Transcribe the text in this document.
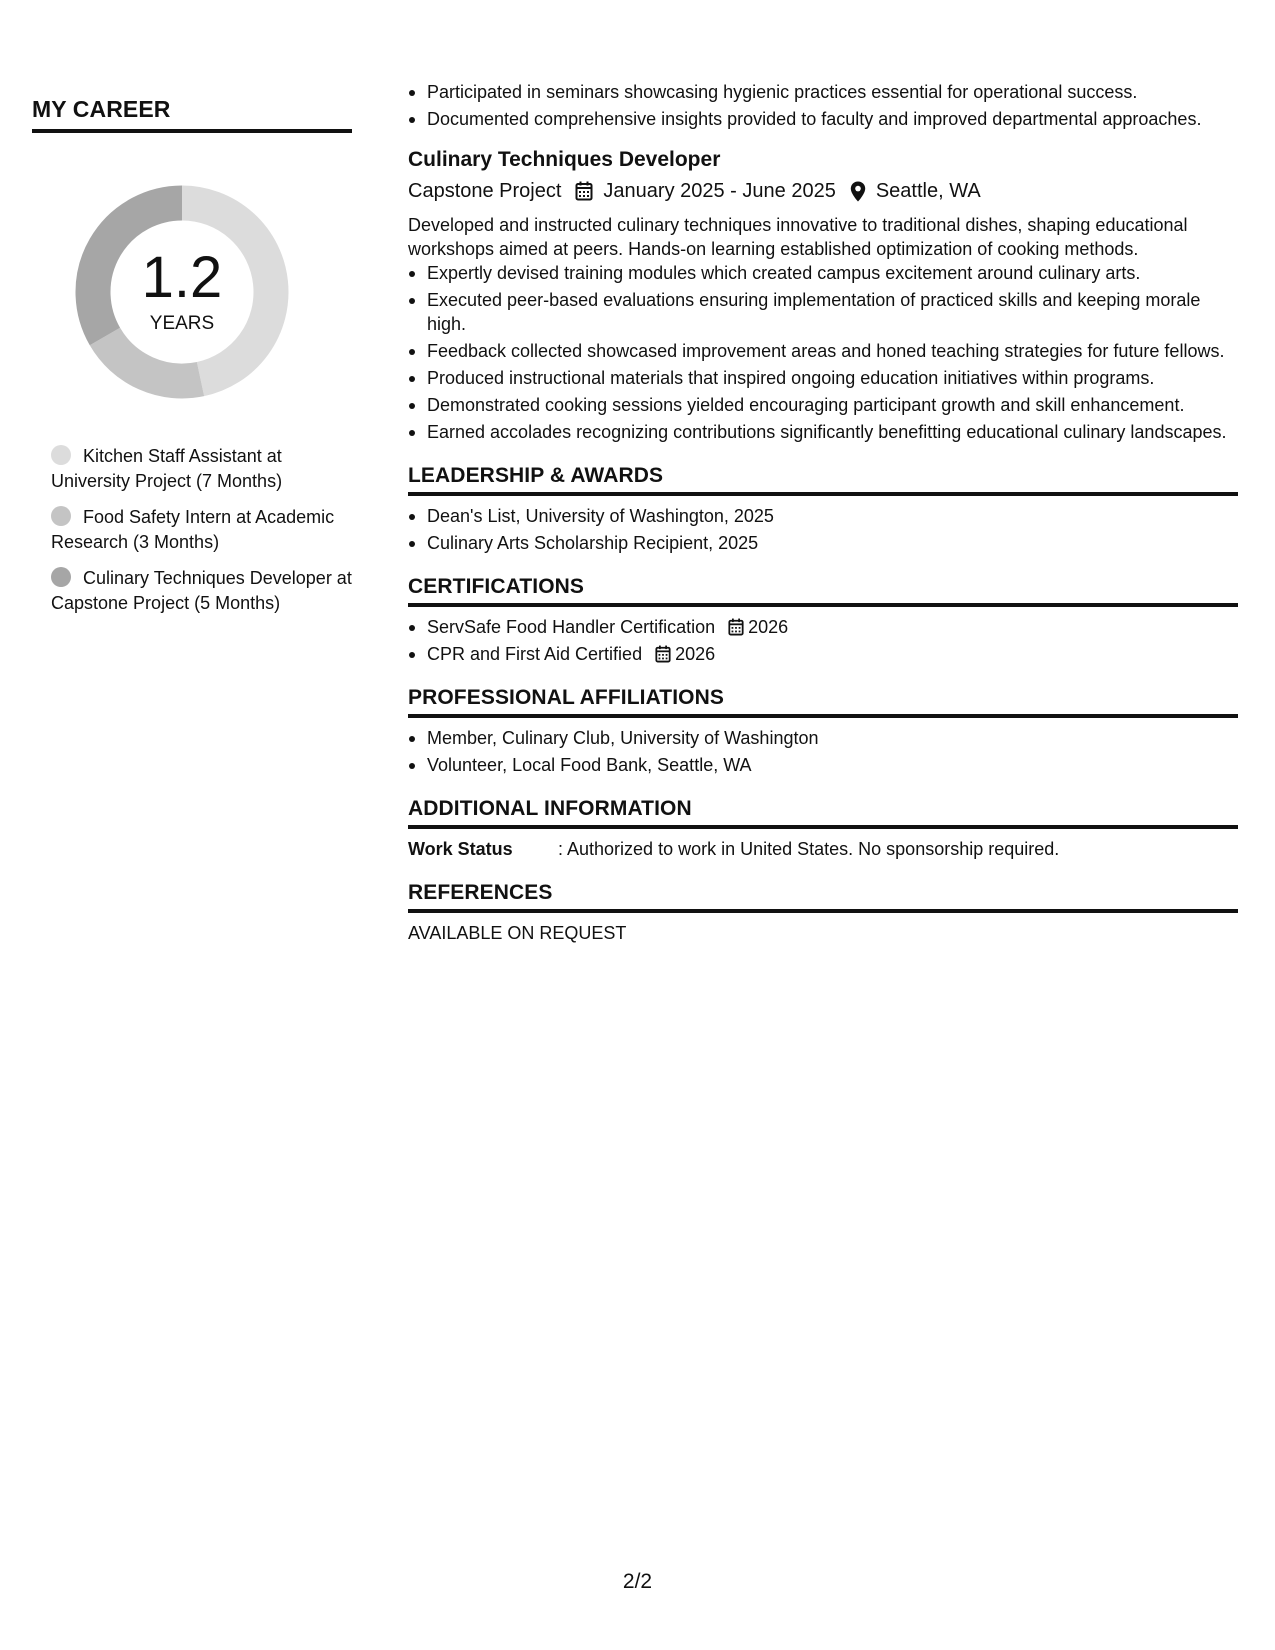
MY CAREER
1.2
YEARS
Kitchen Staff Assistant at University Project (7 Months)
Food Safety Intern at Academic Research (3 Months)
Culinary Techniques Developer at Capstone Project (5 Months)
Participated in seminars showcasing hygienic practices essential for operational success.
Documented comprehensive insights provided to faculty and improved departmental approaches.
Culinary Techniques Developer
Capstone Project January 2025 - June 2025 Seattle, WA
Developed and instructed culinary techniques innovative to traditional dishes, shaping educational workshops aimed at peers. Hands-on learning established optimization of cooking methods.
Expertly devised training modules which created campus excitement around culinary arts.
Executed peer-based evaluations ensuring implementation of practiced skills and keeping morale high.
Feedback collected showcased improvement areas and honed teaching strategies for future fellows.
Produced instructional materials that inspired ongoing education initiatives within programs.
Demonstrated cooking sessions yielded encouraging participant growth and skill enhancement.
Earned accolades recognizing contributions significantly benefitting educational culinary landscapes.
LEADERSHIP & AWARDS
Dean's List, University of Washington, 2025
Culinary Arts Scholarship Recipient, 2025
CERTIFICATIONS
ServSafe Food Handler Certification 2026
CPR and First Aid Certified 2026
PROFESSIONAL AFFILIATIONS
Member, Culinary Club, University of Washington
Volunteer, Local Food Bank, Seattle, WA
ADDITIONAL INFORMATION
Work Status	: Authorized to work in United States. No sponsorship required.
REFERENCES
AVAILABLE ON REQUEST
2/2
